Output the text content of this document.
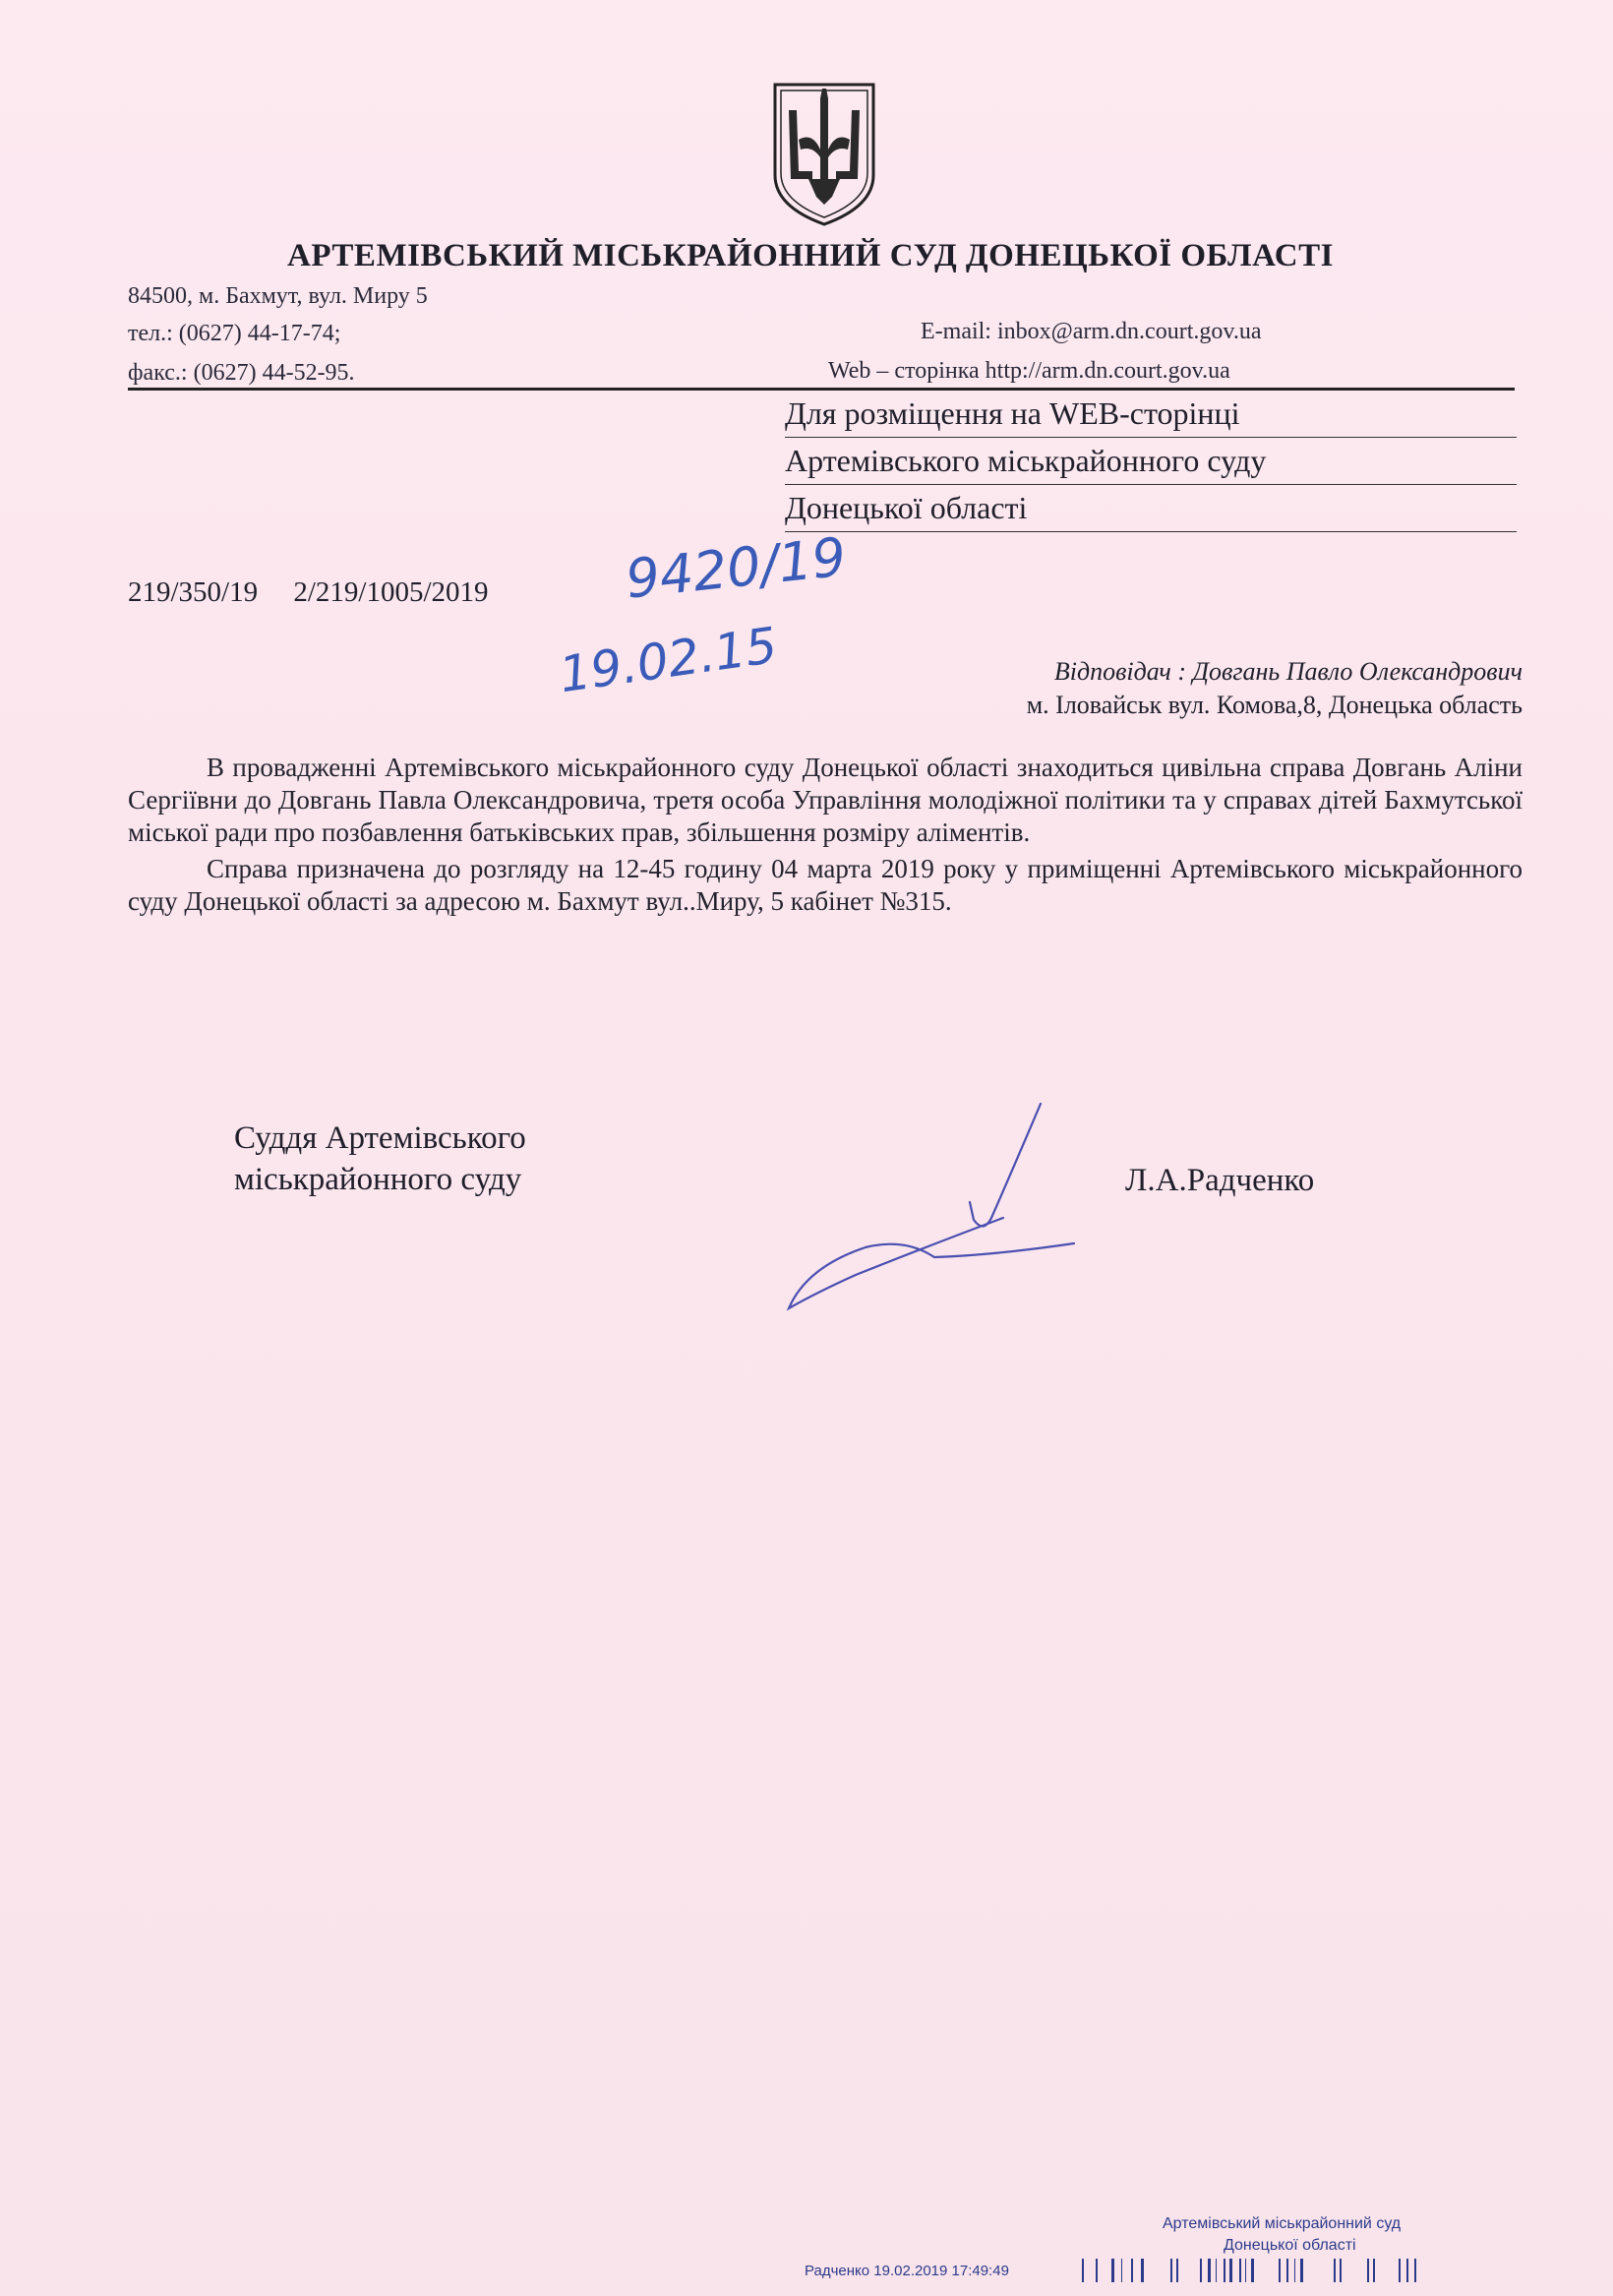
АРТЕМІВСЬКИЙ МІСЬКРАЙОННИЙ СУД ДОНЕЦЬКОЇ ОБЛАСТІ
84500, м. Бахмут, вул. Миру 5
тел.: (0627) 44-17-74;
факс.: (0627) 44-52-95.
E-mail: inbox@arm.dn.court.gov.ua
Web – сторінка http://arm.dn.court.gov.ua
Для розміщення на WEB-сторінці
Артемівського міськрайонного суду
Донецької області
219/350/19     2/219/1005/2019	9420/19
19.02.15	Відповідач : Довгань Павло Олександрович
м. Іловайськ вул. Комова,8, Донецька область

В провадженні Артемівського міськрайонного суду Донецької області знаходиться цивільна справа Довгань Аліни Сергіївни до Довгань Павла Олександровича, третя особа Управління молодіжної політики та у справах дітей Бахмутської міської ради про позбавлення батьківських прав, збільшення розміру аліментів.

Справа призначена до розгляду на 12-45 годину 04 марта 2019 року у приміщенні Артемівського міськрайонного суду Донецької області за адресою м. Бахмут вул..Миру, 5 кабінет №315.

Суддя Артемівського
міськрайонного суду	Л.А.Радченко
Артемівський міськрайонний суд
Донецької області
Радченко 19.02.2019 17:49:49
